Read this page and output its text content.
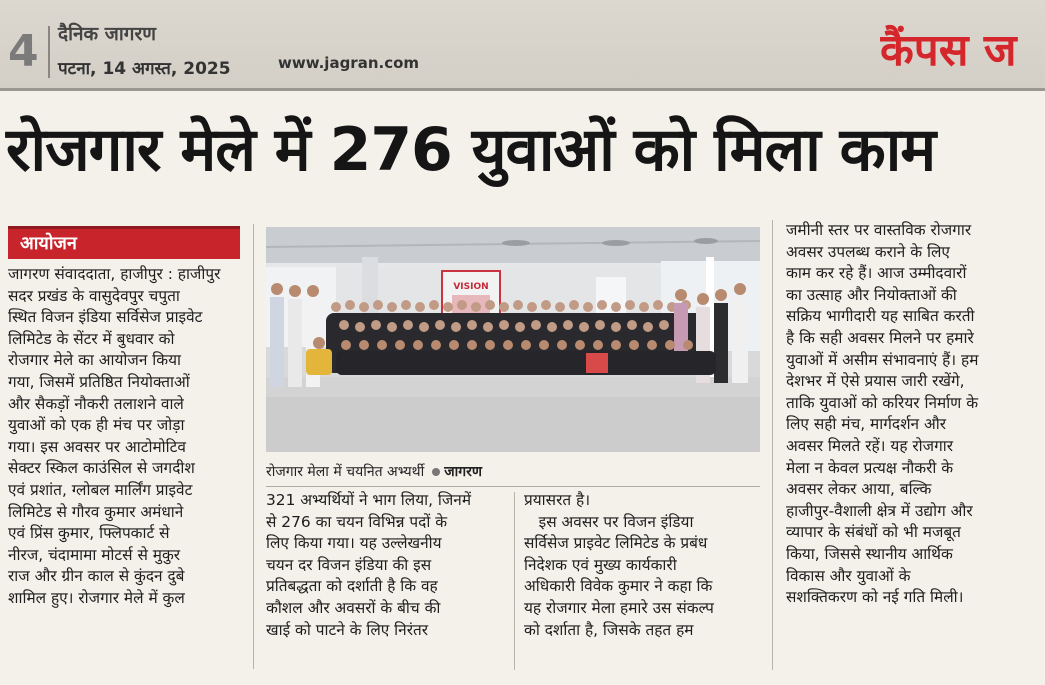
4	दैनिक जागरण
पटना, 14 अगस्त, 2025	www.jagran.com	कैंपस ज
रोजगार मेले में 276 युवाओं को मिला काम
आयोजन
जागरण संवाददाता, हाजीपुर : हाजीपुर
सदर प्रखंड के वासुदेवपुर चपुता
स्थित विजन इंडिया सर्विसेज प्राइवेट
लिमिटेड के सेंटर में बुधवार को
रोजगार मेले का आयोजन किया
गया, जिसमें प्रतिष्ठित नियोक्ताओं
और सैकड़ों नौकरी तलाशने वाले
युवाओं को एक ही मंच पर जोड़ा
गया। इस अवसर पर आटोमोटिव
सेक्टर स्किल काउंसिल से जगदीश
एवं प्रशांत, ग्लोबल मार्लिंग प्राइवेट
लिमिटेड से गौरव कुमार अमंधाने
एवं प्रिंस कुमार, फ्लिपकार्ट से
नीरज, चंदामामा मोटर्स से मुकुर
राज और ग्रीन काल से कुंदन दुबे
शामिल हुए। रोजगार मेले में कुल
VISION
रोजगार मेला में चयनित अभ्यर्थी जागरण
321 अभ्यर्थियों ने भाग लिया, जिनमें
से 276 का चयन विभिन्न पदों के
लिए किया गया। यह उल्लेखनीय
चयन दर विजन इंडिया की इस
प्रतिबद्धता को दर्शाती है कि वह
कौशल और अवसरों के बीच की
खाई को पाटने के लिए निरंतर
प्रयासरत है।
इस अवसर पर विजन इंडिया
सर्विसेज प्राइवेट लिमिटेड के प्रबंध
निदेशक एवं मुख्य कार्यकारी
अधिकारी विवेक कुमार ने कहा कि
यह रोजगार मेला हमारे उस संकल्प
को दर्शाता है, जिसके तहत हम
जमीनी स्तर पर वास्तविक रोजगार
अवसर उपलब्ध कराने के लिए
काम कर रहे हैं। आज उम्मीदवारों
का उत्साह और नियोक्ताओं की
सक्रिय भागीदारी यह साबित करती
है कि सही अवसर मिलने पर हमारे
युवाओं में असीम संभावनाएं हैं। हम
देशभर में ऐसे प्रयास जारी रखेंगे,
ताकि युवाओं को करियर निर्माण के
लिए सही मंच, मार्गदर्शन और
अवसर मिलते रहें। यह रोजगार
मेला न केवल प्रत्यक्ष नौकरी के
अवसर लेकर आया, बल्कि
हाजीपुर-वैशाली क्षेत्र में उद्योग और
व्यापार के संबंधों को भी मजबूत
किया, जिससे स्थानीय आर्थिक
विकास और युवाओं के
सशक्तिकरण को नई गति मिली।
